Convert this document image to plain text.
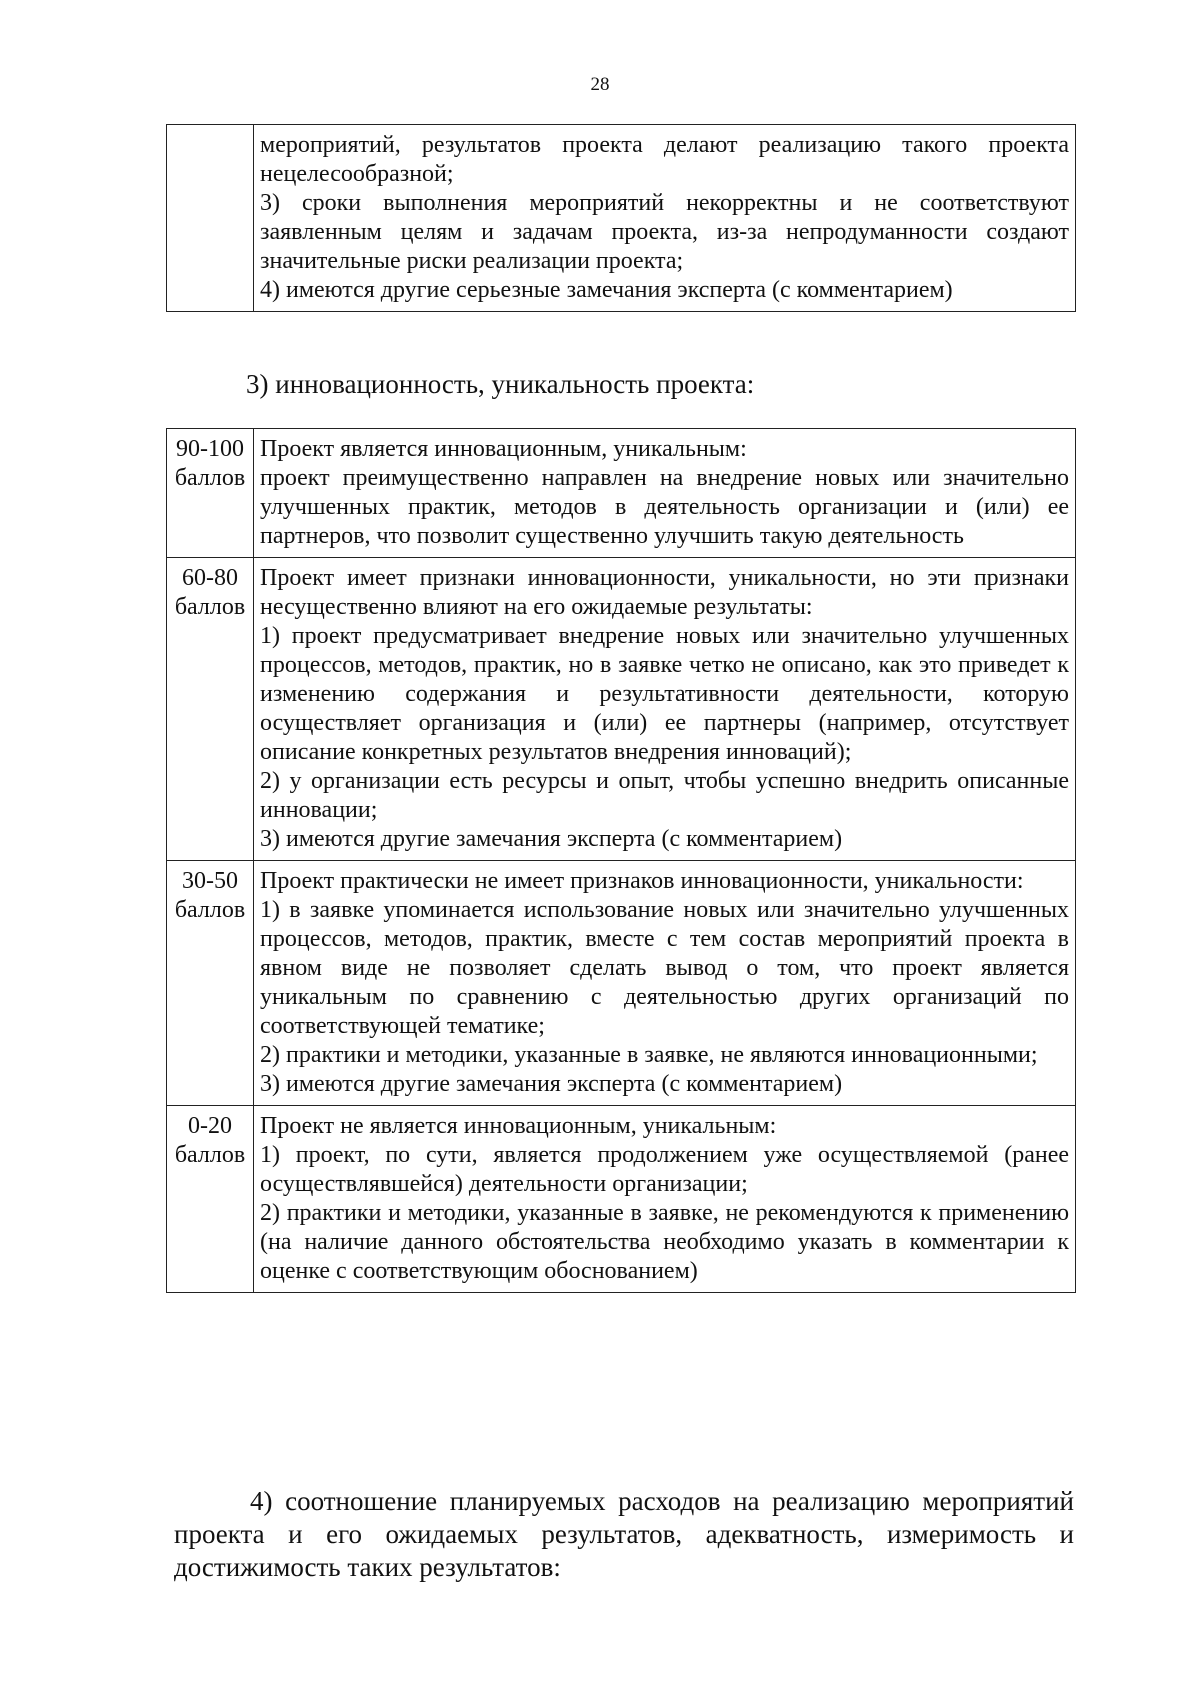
28

мероприятий, результатов проекта делают реализацию такого проекта нецелесообразной;
3) сроки выполнения мероприятий некорректны и не соответствуют заявленным целям и задачам проекта, из-за непродуманности создают значительные риски реализации проекта;
4) имеются другие серьезные замечания эксперта (с комментарием)
3) инновационность, уникальность проекта:
90-100
баллов	Проект является инновационным, уникальным:
проект преимущественно направлен на внедрение новых или значительно улучшенных практик, методов в деятельность организации и (или) ее партнеров, что позволит существенно улучшить такую деятельность

60-80
баллов	Проект имеет признаки инновационности, уникальности, но эти признаки несущественно влияют на его ожидаемые результаты:
1) проект предусматривает внедрение новых или значительно улучшенных процессов, методов, практик, но в заявке четко не описано, как это приведет к изменению содержания и результативности деятельности, которую осуществляет организация и (или) ее партнеры (например, отсутствует описание конкретных результатов внедрения инноваций);
2) у организации есть ресурсы и опыт, чтобы успешно внедрить описанные инновации;
3) имеются другие замечания эксперта (с комментарием)

30-50
баллов	Проект практически не имеет признаков инновационности, уникальности:
1) в заявке упоминается использование новых или значительно улучшенных процессов, методов, практик, вместе с тем состав мероприятий проекта в явном виде не позволяет сделать вывод о том, что проект является уникальным по сравнению с деятельностью других организаций по соответствующей тематике;
2) практики и методики, указанные в заявке, не являются инновационными;
3) имеются другие замечания эксперта (с комментарием)

0-20
баллов	Проект не является инновационным, уникальным:
1) проект, по сути, является продолжением уже осуществляемой (ранее осуществлявшейся) деятельности организации;
2) практики и методики, указанные в заявке, не рекомендуются к применению (на наличие данного обстоятельства необходимо указать в комментарии к оценке с соответствующим обоснованием)
4) соотношение планируемых расходов на реализацию мероприятий проекта и его ожидаемых результатов, адекватность, измеримость и достижимость таких результатов:
